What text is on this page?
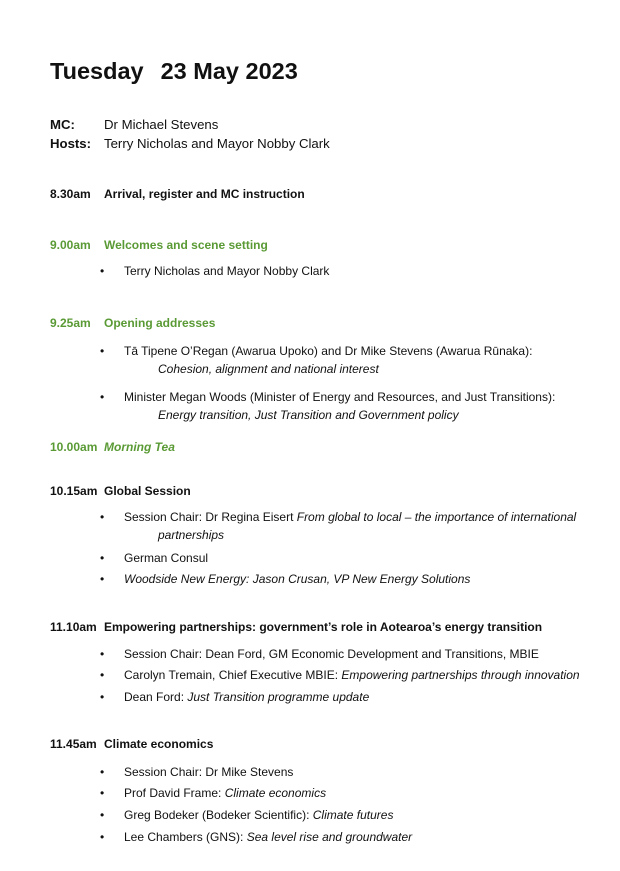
Tuesday 23 May 2023
MC: Dr Michael Stevens
Hosts: Terry Nicholas and Mayor Nobby Clark
8.30am Arrival, register and MC instruction
9.00am Welcomes and scene setting
• Terry Nicholas and Mayor Nobby Clark
9.25am Opening addresses
• Tā Tipene O’Regan (Awarua Upoko) and Dr Mike Stevens (Awarua Rūnaka):
Cohesion, alignment and national interest
• Minister Megan Woods (Minister of Energy and Resources, and Just Transitions):
Energy transition, Just Transition and Government policy
10.00am Morning Tea
10.15am Global Session
• Session Chair: Dr Regina Eisert From global to local – the importance of international
partnerships
• German Consul
• Woodside New Energy: Jason Crusan, VP New Energy Solutions
11.10am Empowering partnerships: government’s role in Aotearoa’s energy transition
• Session Chair: Dean Ford, GM Economic Development and Transitions, MBIE
• Carolyn Tremain, Chief Executive MBIE: Empowering partnerships through innovation
• Dean Ford: Just Transition programme update
11.45am Climate economics
• Session Chair: Dr Mike Stevens
• Prof David Frame: Climate economics
• Greg Bodeker (Bodeker Scientific): Climate futures
• Lee Chambers (GNS): Sea level rise and groundwater
